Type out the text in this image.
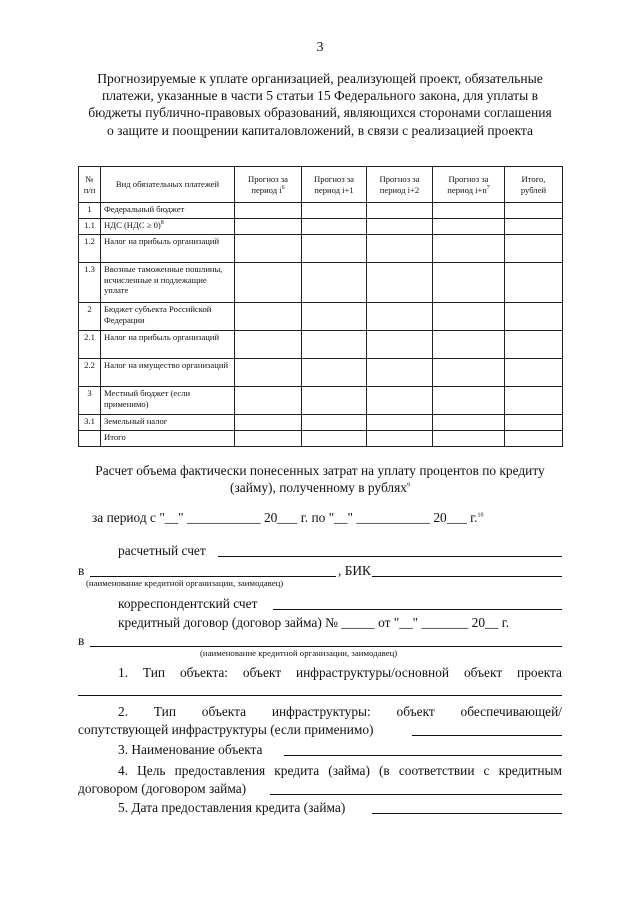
3
Прогнозируемые к уплате организацией, реализующей проект, обязательные платежи, указанные в части 5 статьи 15 Федерального закона, для уплаты в бюджеты публично-правовых образований, являющихся сторонами соглашения о защите и поощрении капиталовложений, в связи с реализацией проекта
№ п/п	Вид обязательных платежей	Прогноз за период $i^6$	Прогноз за период i+1	Прогноз за период i+2	Прогноз за период $i+n^7$	Итого, рублей
1	Федеральный бюджет					
1.1	НДС (НДС ≥ 0)$^8$					
1.2	Налог на прибыль организаций					
1.3	Ввозные таможенные пошлины, исчисленные и подлежащие уплате					
2	Бюджет субъекта Российской Федерации					
2.1	Налог на прибыль организаций					
2.2	Налог на имущество организаций					
3	Местный бюджет (если применимо)					
3.1	Земельный налог					
	Итого					
Расчет объема фактически понесенных затрат на уплату процентов по кредиту (займу), полученному в рублях$^9$
за период с "__" ___________ 20___ г. по "__" ___________ 20___ г.$^{10}$
расчетный счет
в	, БИК
(наименование кредитной организации, заимодавец)
корреспондентский счет
кредитный договор (договор займа) № _____ от "__" _______ 20__ г.
в
(наименование кредитной организации, заимодавец)
1. Тип объекта: объект инфраструктуры/основной объект проекта
2. Тип объекта инфраструктуры: объект обеспечивающей/
сопутствующей инфраструктуры (если применимо)
3. Наименование объекта
4. Цель предоставления кредита (займа) (в соответствии с кредитным
договором (договором займа)
5. Дата предоставления кредита (займа)
